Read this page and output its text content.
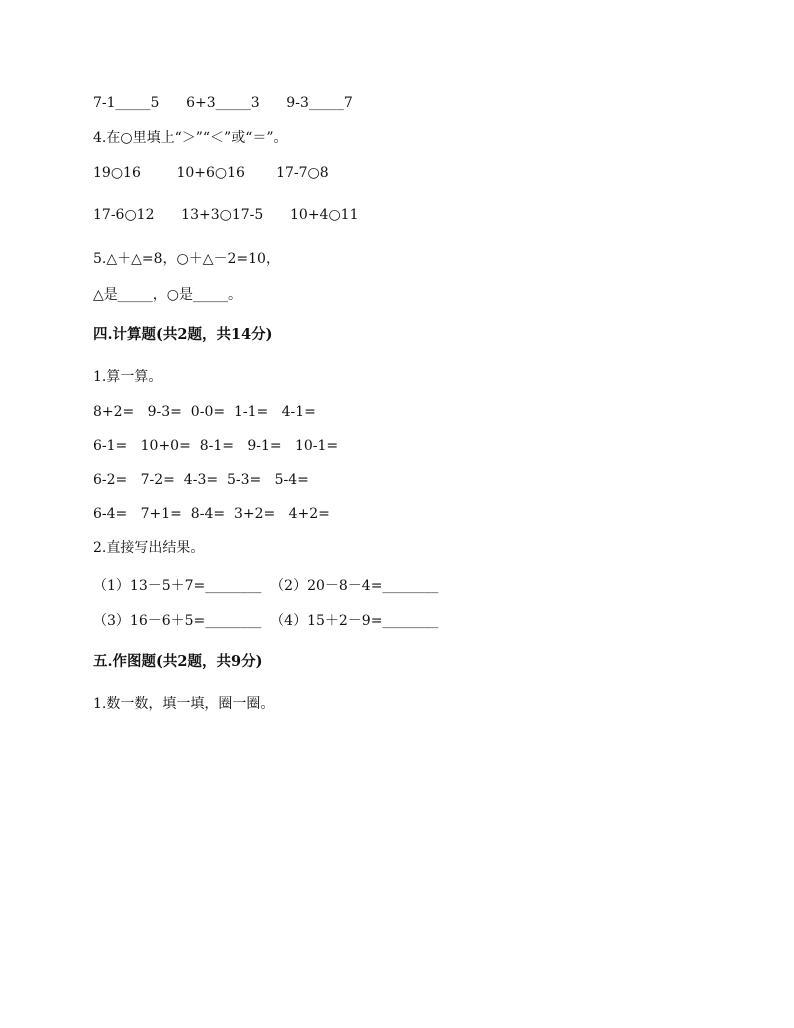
7-1_____5      6+3_____3      9-3_____7
4.在○里填上“＞”“＜”或“＝”。
19○16        10+6○16       17-7○8
17-6○12      13+3○17-5      10+4○11
5.△＋△=8，○＋△－2=10，
△是_____，○是_____。
四.计算题(共2题，共14分)
1.算一算。
8+2=   9-3=  0-0=  1-1=   4-1=
6-1=   10+0=  8-1=   9-1=   10-1=
6-2=   7-2=  4-3=  5-3=   5-4=
6-4=   7+1=  8-4=  3+2=   4+2=
2.直接写出结果。
（1）13－5＋7=________  （2）20－8－4=________
（3）16－6＋5=________  （4）15＋2－9=________
五.作图题(共2题，共9分)
1.数一数，填一填，圈一圈。
